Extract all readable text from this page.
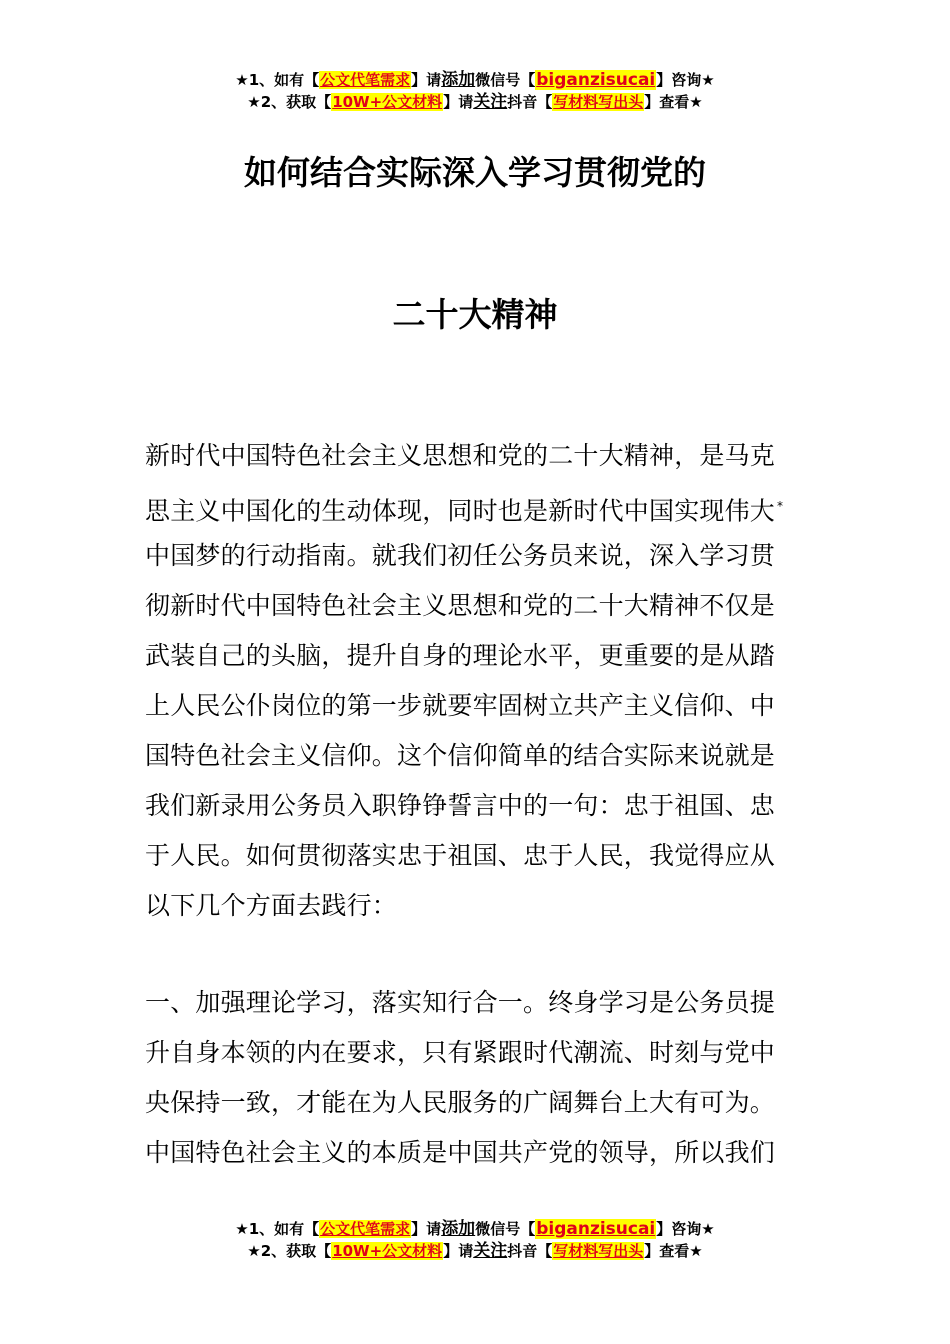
★1、如有【公文代笔需求】请添加微信号【biganzisucai】咨询★
★2、获取【10W+公文材料】请关注抖音【写材料写出头】查看★
如何结合实际深入学习贯彻党的
二十大精神
新时代中国特色社会主义思想和党的二十大精神，是马克
思主义中国化的生动体现，同时也是新时代中国实现伟大 *
中国梦的行动指南。就我们初任公务员来说，深入学习贯
彻新时代中国特色社会主义思想和党的二十大精神不仅是
武装自己的头脑，提升自身的理论水平，更重要的是从踏
上人民公仆岗位的第一步就要牢固树立共产主义信仰、中
国特色社会主义信仰。这个信仰简单的结合实际来说就是
我们新录用公务员入职铮铮誓言中的一句：忠于祖国、忠
于人民。如何贯彻落实忠于祖国、忠于人民，我觉得应从
以下几个方面去践行：
一、加强理论学习，落实知行合一。终身学习是公务员提
升自身本领的内在要求，只有紧跟时代潮流、时刻与党中
央保持一致，才能在为人民服务的广阔舞台上大有可为。
中国特色社会主义的本质是中国共产党的领导，所以我们
★1、如有【公文代笔需求】请添加微信号【biganzisucai】咨询★
★2、获取【10W+公文材料】请关注抖音【写材料写出头】查看★
